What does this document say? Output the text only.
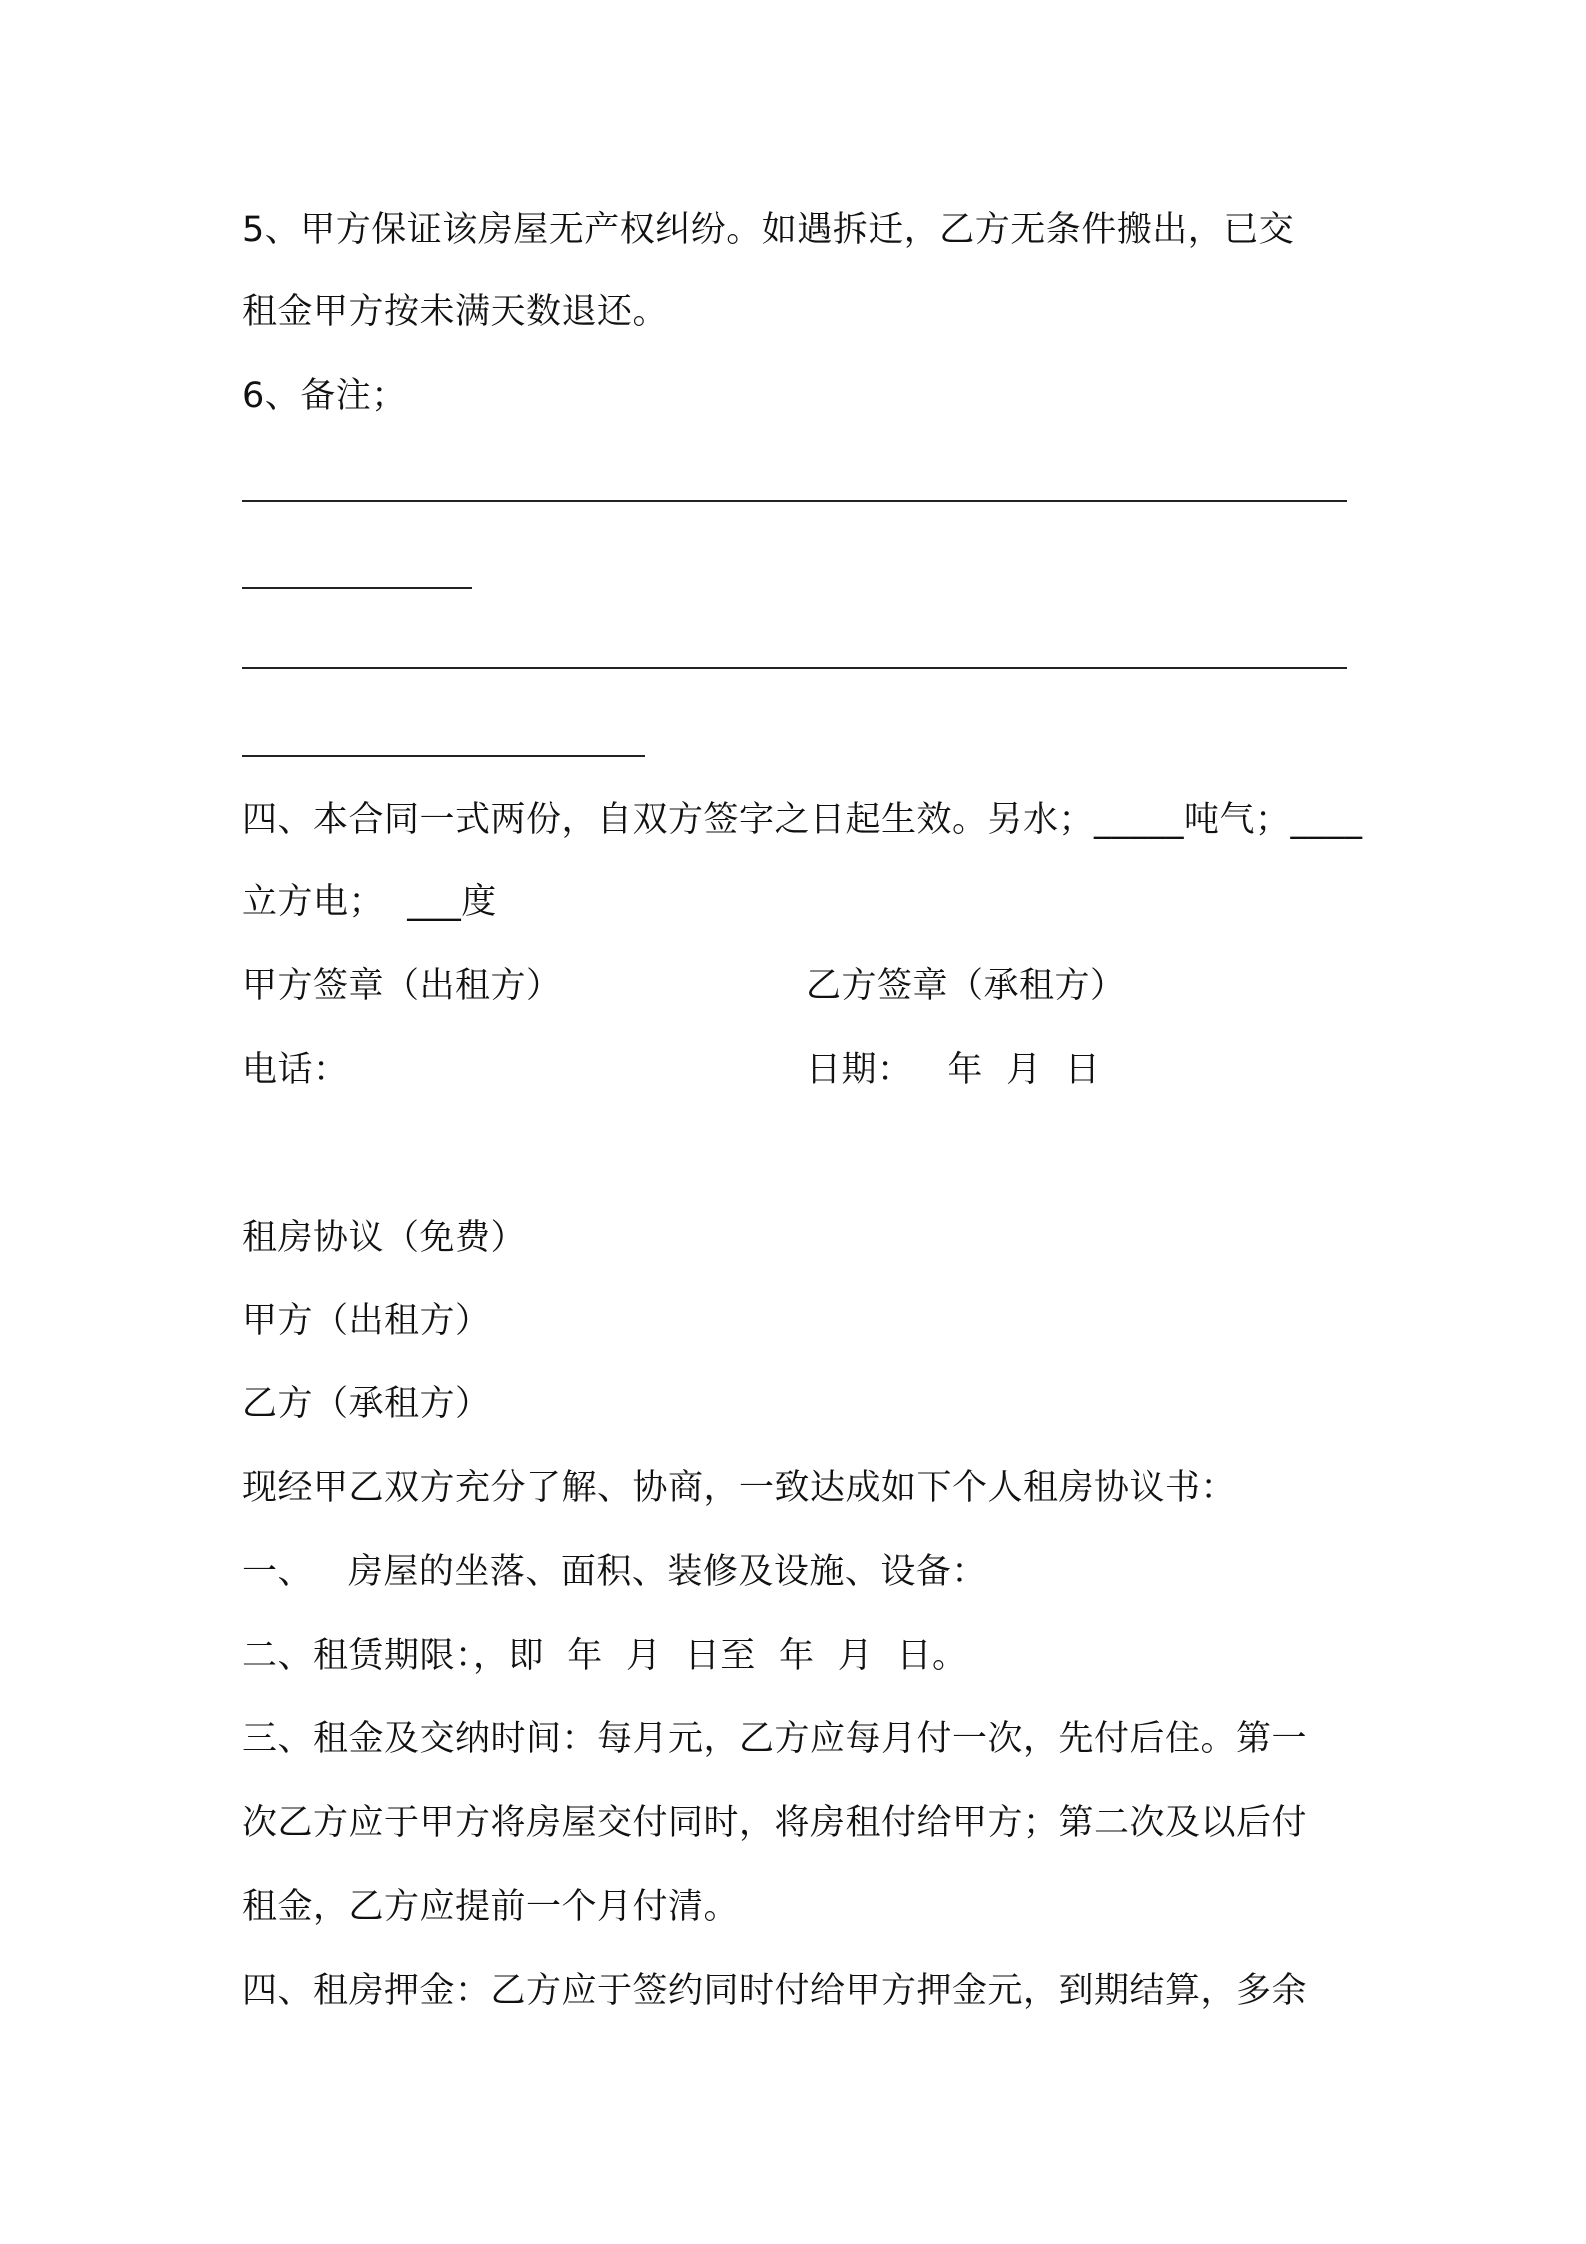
5、甲方保证该房屋无产权纠纷。如遇拆迁，乙方无条件搬出，已交
租金甲方按未满天数退还。
6、备注；
四、本合同一式两份，自双方签字之日起生效。另水；_____吨气；____
立方电；  ___度
甲方签章（出租方）	乙方签章（承租方）
电话：	日期：   年  月  日
租房协议（免费）
甲方（出租方）
乙方（承租方）
现经甲乙双方充分了解、协商，一致达成如下个人租房协议书：
一、   房屋的坐落、面积、装修及设施、设备：
二、租赁期限：，即  年  月  日至  年  月  日。
三、租金及交纳时间：每月元，乙方应每月付一次，先付后住。第一
次乙方应于甲方将房屋交付同时，将房租付给甲方；第二次及以后付
租金，乙方应提前一个月付清。
四、租房押金：乙方应于签约同时付给甲方押金元，到期结算，多余
